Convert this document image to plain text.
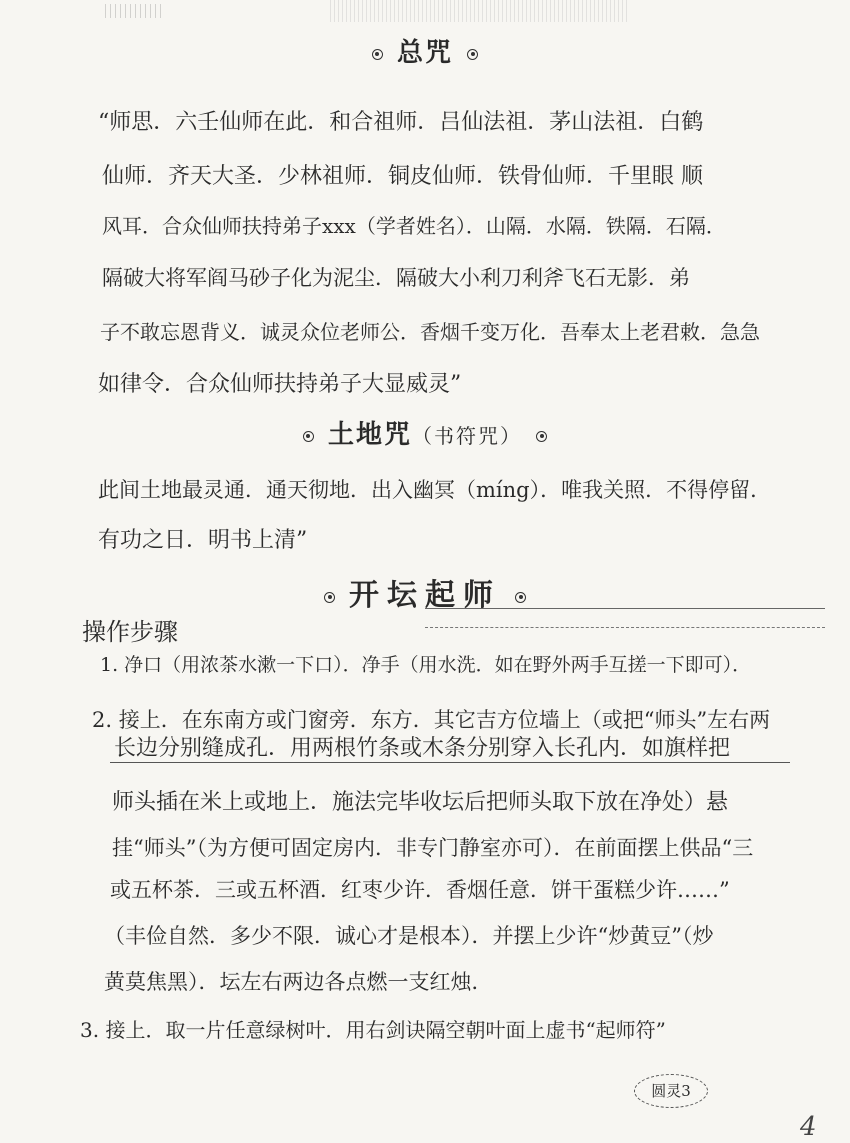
总咒
“师思．六壬仙师在此．和合祖师．吕仙法祖．茅山法祖．白鹤
仙师．齐天大圣．少林祖师．铜皮仙师．铁骨仙师．千里眼 顺
风耳．合众仙师扶持弟子xxx（学者姓名）．山隔．水隔．铁隔．石隔．
隔破大将军阎马砂子化为泥尘．隔破大小利刀利斧飞石无影．弟
子不敢忘恩背义．诚灵众位老师公．香烟千变万化．吾奉太上老君敕．急急
如律令．合众仙师扶持弟子大显威灵”
土地咒（书符咒）
此间土地最灵通．通天彻地．出入幽冥（míng）．唯我关照．不得停留．
有功之日．明书上清”
开坛起师
操作步骤
1. 净口（用浓茶水漱一下口）．净手（用水洗．如在野外两手互搓一下即可）．
2. 接上．在东南方或门窗旁．东方．其它吉方位墙上（或把“师头”左右两
长边分别缝成孔．用两根竹条或木条分别穿入长孔内．如旗样把
师头插在米上或地上．施法完毕收坛后把师头取下放在净处）悬
挂“师头”（为方便可固定房内．非专门静室亦可）．在前面摆上供品“三
或五杯茶．三或五杯酒．红枣少许．香烟任意．饼干蛋糕少许……”
（丰俭自然．多少不限．诚心才是根本）．并摆上少许“炒黄豆”（炒
黄莫焦黑）．坛左右两边各点燃一支红烛．
3. 接上．取一片任意绿树叶．用右剑诀隔空朝叶面上虚书“起师符”
圆灵3
4
